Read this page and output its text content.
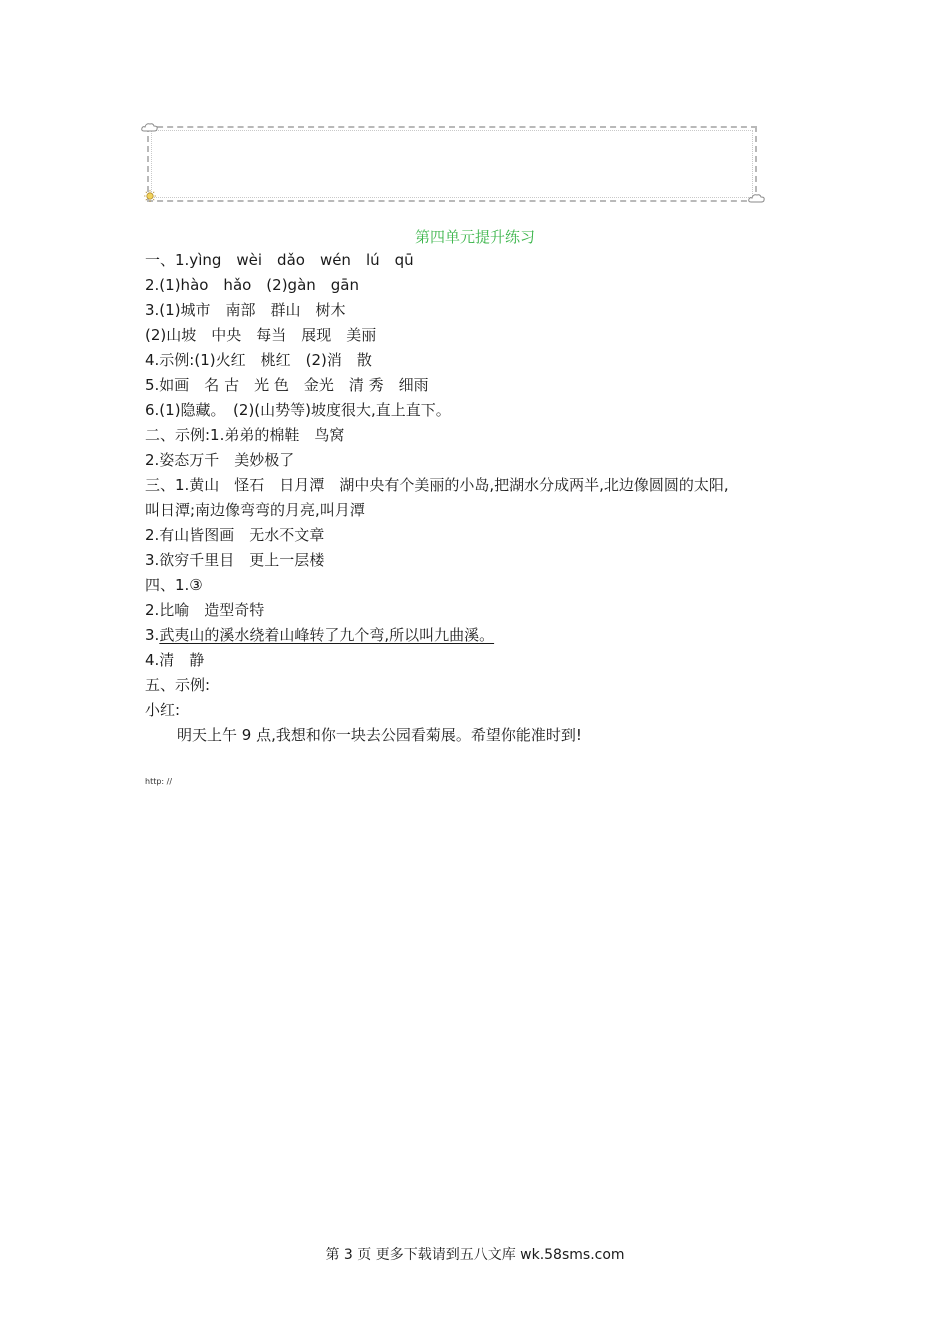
第四单元提升练习
一、1.yìng　wèi　dǎo　wén　lú　qū
2.(1)hào　hǎo　(2)gàn　gān
3.(1)城市　南部　群山　树木
(2)山坡　中央　每当　展现　美丽
4.示例:(1)火红　桃红　(2)消　散
5.如画　名 古　光 色　金光　清 秀　细雨
6.(1)隐藏。　(2)(山势等)坡度很大,直上直下。
二、示例:1.弟弟的棉鞋　鸟窝
2.姿态万千　美妙极了
三、1.黄山　怪石　日月潭　湖中央有个美丽的小岛,把湖水分成两半,北边像圆圆的太阳,
叫日潭;南边像弯弯的月亮,叫月潭
2.有山皆图画　无水不文章
3.欲穷千里目　更上一层楼
四、1.③
2.比喻　造型奇特
3.武夷山的溪水绕着山峰转了九个弯,所以叫九曲溪。
4.清　静
五、示例:
小红:
明天上午 9 点,我想和你一块去公园看菊展。希望你能准时到!
http: //
第 3 页 更多下载请到五八文库 wk.58sms.com
